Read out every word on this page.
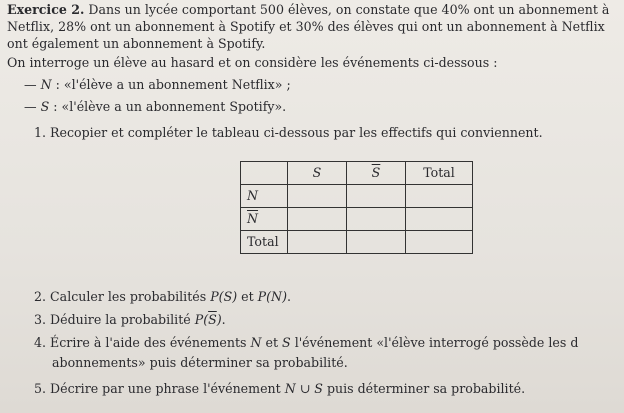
Exercice 2. Dans un lycée comportant 500 élèves, on constate que 40% ont un abonnement à
Netflix, 28% ont un abonnement à Spotify et 30% des élèves qui ont un abonnement à Netflix
ont également un abonnement à Spotify.
On interroge un élève au hasard et on considère les événements ci-dessous :
— N : «l'élève a un abonnement Netflix» ;
— S : «l'élève a un abonnement Spotify».
1. Recopier et compléter le tableau ci-dessous par les effectifs qui conviennent.
	S	$\overline{S}$	Total
N			
$\overline{N}$			
Total			
2. Calculer les probabilités P(S) et P(N).
3. Déduire la probabilité $P(\overline{S})$.
4. Écrire à l'aide des événements N et S l'événement «l'élève interrogé possède les d
abonnements» puis déterminer sa probabilité.
5. Décrire par une phrase l'événement N ∪ S puis déterminer sa probabilité.
